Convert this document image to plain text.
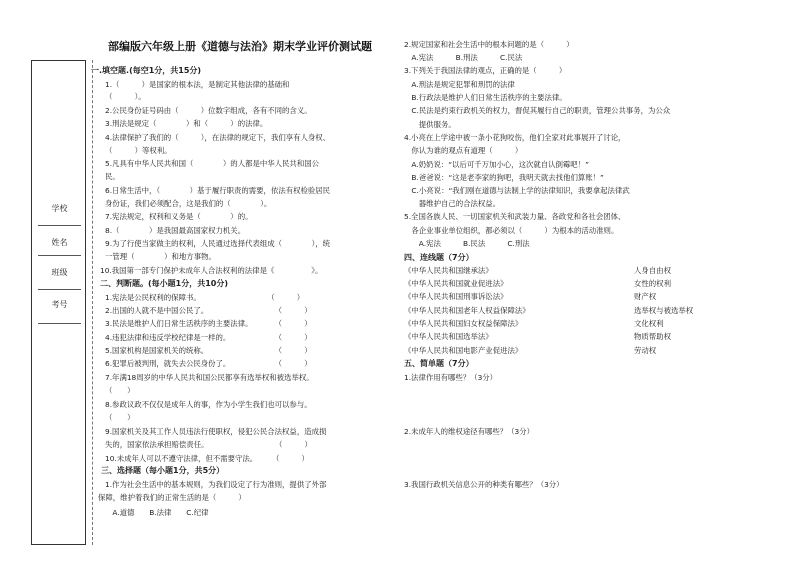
部编版六年级上册《道德与法治》期末学业评价测试题
学校
姓名
班级
考号
一.填空题.(每空1分，共15分)
1.（　　　）是国家的根本法，是制定其他法律的基础和
（　　　）。
2.公民身份证号码由（　　　）位数字组成，各有不同的含义。
3.刑法是规定（　　　　）和（　　　）的法律。
4.法律保护了我们的（　　　），在法律的规定下，我们享有人身权、
（　　　）等权利。
5.凡具有中华人民共和国（　　　　）的人都是中华人民共和国公
民。
6.日常生活中，（　　　　）基于履行职责的需要，依法有权检验居民
身份证，我们必须配合，这是我们的（　　　　）。
7.宪法规定，权利和义务是（　　　　）的。
8.（　　　　）是我国最高国家权力机关。
9.为了行使当家做主的权利，人民通过选择代表组成（　　　　），统
一管理（　　　　）和地方事物。
10.我国第一部专门保护未成年人合法权利的法律是《　　　　　》。
二、判断题。(每小题1分，共10分)
1.宪法是公民权利的保障书。　　　　　　　　　　（　　　）
2.出国的人就不是中国公民了。　　　　　　　　　　（　　　）
3.民法是维护人们日常生活秩序的主要法律。　　　　（　　　）
4.违犯法律和违反学校纪律是一样的。　　　　　　　（　　　）
5.国家机构是国家机关的统称。　　　　　　　　　　（　　　）
6.犯罪后被判刑，就失去公民身份了。　　　　　　　（　　　）
7.年满18周岁的中华人民共和国公民都享有选举权和被选举权。
（　　）
8.参政议政不仅仅是成年人的事，作为小学生我们也可以参与。
（　　）
9.国家机关及其工作人员违法行使职权，侵犯公民合法权益，造成损
失的，国家依法承担赔偿责任。　　　　　　　　　　（　　　）
10.未成年人可以不遵守法律，但不需要守法。　　　（　　　）
三、选择题（每小题1分，共5分）
1.作为社会生活中的基本规则，为我们设定了行为准则，提供了外部
保障，维护着我们的正常生活的是（　　　）
　A.道德　　B.法律　　C.纪律
2.规定国家和社会生活中的根本问题的是（　　　）
　A.宪法　　　B.刑法　　　C.民法
3.下列关于我国法律的观点，正确的是（　　　）
　A.刑法是规定犯罪和刑罚的法律
　B.行政法是维护人们日常生活秩序的主要法律。
　C.民法是约束行政机关的权力，督促其履行自己的职责，管理公共事务，为公众
　　提供服务。
4.小亮在上学途中被一条小花狗咬伤，他们全家对此事展开了讨论，
　你认为谁的观点有道理（　　　）
　A.奶奶说：“以后可千万加小心，这次就自认倒霉吧！”
　B.爸爸说：“这是老李家的狗吧，我明天就去找他们算账！”
　C.小亮说：“我们刚在道德与法制上学的法律知识，我要拿起法律武
　　器维护自己的合法权益。
5.全国各族人民、一切国家机关和武装力量、各政党和各社会团体、
　各企业事业单位组织，都必须以（　　　）为根本的活动准则。
　　A.宪法　　　B.民法　　　C.刑法
四、连线题（7分）
《中华人民共和国继承法》
《中华人民共和国就业促进法》
《中华人民共和国刑事诉讼法》
《中华人民共和国老年人权益保障法》
《中华人民共和国妇女权益保障法》
《中华人民共和国选举法》
《中华人民共和国电影产业促进法》
人身自由权
女性的权利
财产权
选举权与被选举权
文化权利
物质帮助权
劳动权
五、简单题（7分）
1.法律作用有哪些？（3分）
2.未成年人的维权途径有哪些？（3分）
3.我国行政机关信息公开的种类有哪些？（3分）
